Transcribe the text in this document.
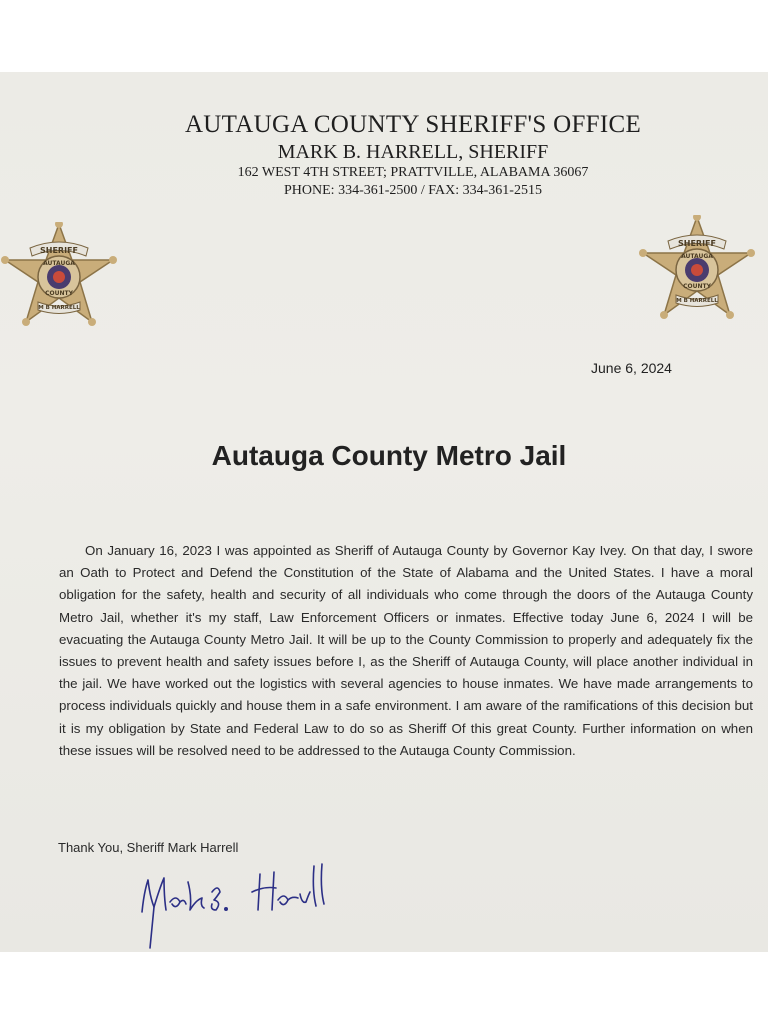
AUTAUGA COUNTY SHERIFF'S OFFICE
MARK B. HARRELL, SHERIFF
162 WEST 4TH STREET; PRATTVILLE, ALABAMA 36067
PHONE: 334-361-2500 / FAX: 334-361-2515
SHERIFF
AUTAUGA
COUNTY
M B HARRELL
SHERIFF
AUTAUGA
COUNTY
M B HARRELL
June 6, 2024
Autauga County Metro Jail
On January 16, 2023 I was appointed as Sheriff of Autauga County by Governor Kay Ivey. On that day, I swore an Oath to Protect and Defend the Constitution of the State of Alabama and the United States. I have a moral obligation for the safety, health and security of all individuals who come through the doors of the Autauga County Metro Jail, whether it's my staff, Law Enforcement Officers or inmates. Effective today June 6, 2024 I will be evacuating the Autauga County Metro Jail. It will be up to the County Commission to properly and adequately fix the issues to prevent health and safety issues before I, as the Sheriff of Autauga County, will place another individual in the jail. We have worked out the logistics with several agencies to house inmates. We have made arrangements to process individuals quickly and house them in a safe environment. I am aware of the ramifications of this decision but it is my obligation by State and Federal Law to do so as Sheriff Of this great County. Further information on when these issues will be resolved need to be addressed to the Autauga County Commission.
Thank You, Sheriff Mark Harrell
